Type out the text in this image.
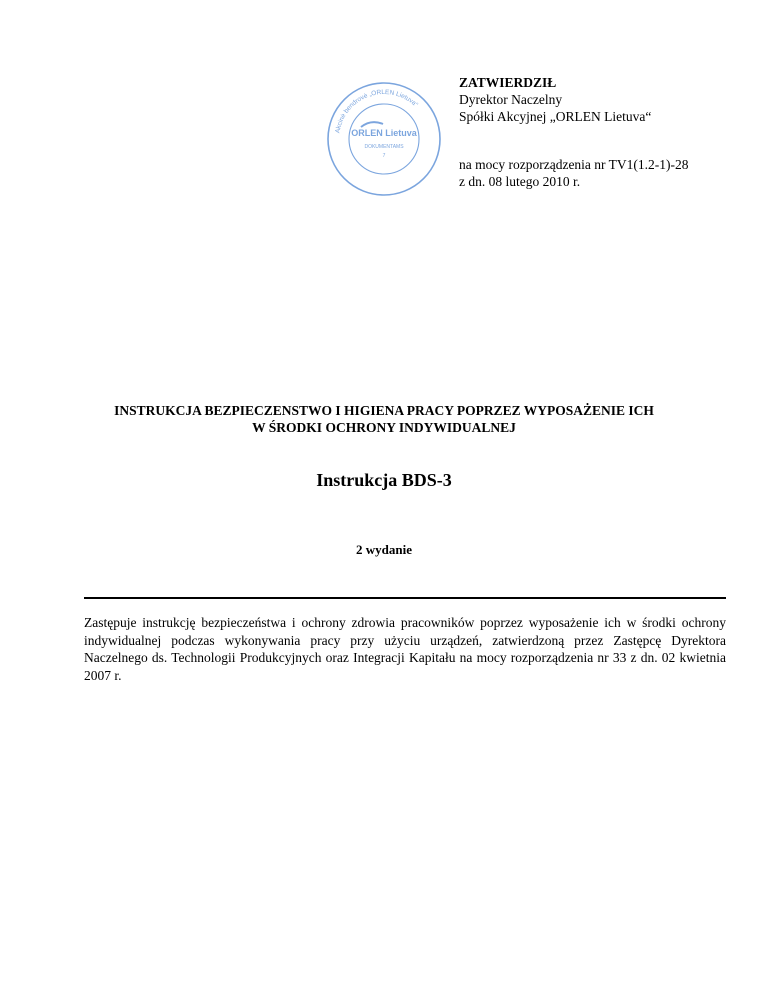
Akcinė bendrovė „ORLEN Lietuva“
ORLEN Lietuva
DOKUMENTAMS
7
ZATWIERDZIŁ
Dyrektor Naczelny
Spółki Akcyjnej „ORLEN Lietuva“
na mocy rozporządzenia nr TV1(1.2-1)-28
z dn. 08 lutego 2010 r.
INSTRUKCJA BEZPIECZENSTWO I HIGIENA PRACY POPRZEZ WYPOSAŻENIE ICH
W ŚRODKI OCHRONY INDYWIDUALNEJ
Instrukcja BDS-3
2 wydanie
Zastępuje instrukcję bezpieczeństwa i ochrony zdrowia pracowników poprzez wyposażenie ich w środki ochrony indywidualnej podczas wykonywania pracy przy użyciu urządzeń, zatwierdzoną przez Zastępcę Dyrektora Naczelnego ds. Technologii Produkcyjnych oraz Integracji Kapitału na mocy rozporządzenia nr 33 z dn. 02 kwietnia 2007 r.
